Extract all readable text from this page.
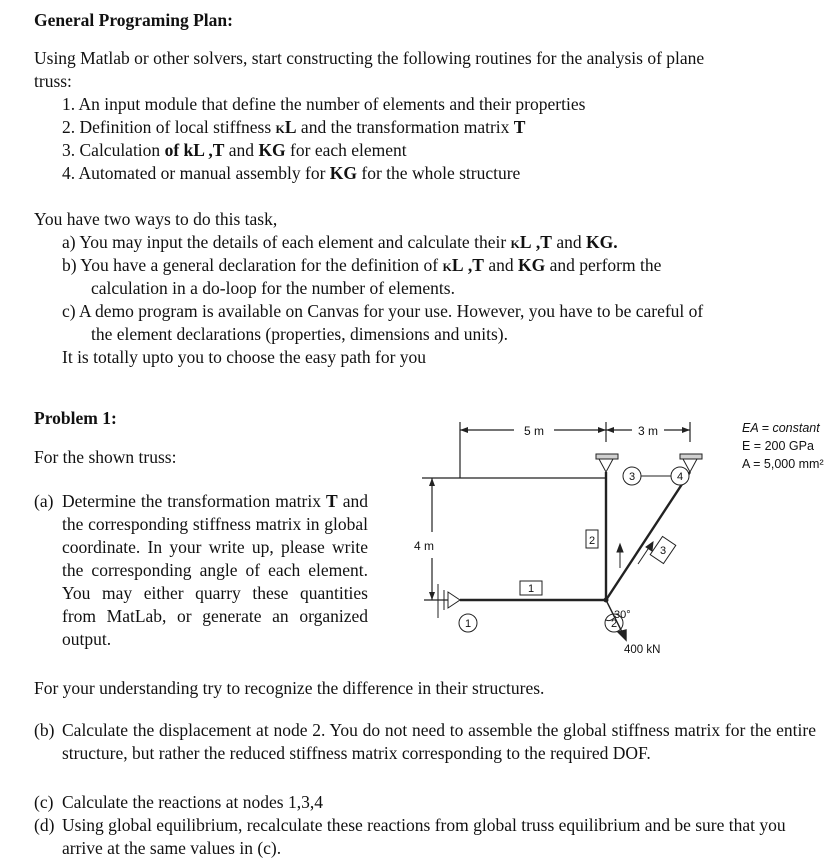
General Programing Plan:
Using Matlab or other solvers, start constructing the following routines for the analysis of plane
truss:
1. An input module that define the number of elements and their properties
2. Definition of local stiffness kL and the transformation matrix T
3. Calculation of kL ,T and KG for each element
4. Automated or manual assembly for KG for the whole structure
You have two ways to do this task,
a) You may input the details of each element and calculate their kL ,T and KG.
b) You have a general declaration for the definition of kL ,T and KG and perform the
calculation in a do-loop for the number of elements.
c) A demo program is available on Canvas for your use. However, you have to be careful of
the element declarations (properties, dimensions and units).
It is totally upto you to choose the easy path for you
Problem 1:
For the shown truss:
(a) Determine the transformation matrix T and the corresponding stiffness matrix in global coordinate. In your write up, please write the corresponding angle of each element. You may either quarry these quantities from MatLab, or generate an organized output.
For your understanding try to recognize the difference in their structures.
(b) Calculate the displacement at node 2. You do not need to assemble the global stiffness matrix for the entire structure, but rather the reduced stiffness matrix corresponding to the required DOF.
(c) Calculate the reactions at nodes 1,3,4
(d) Using global equilibrium, recalculate these reactions from global truss equilibrium and be sure that you arrive at the same values in (c).
5 m	3 m
4 m
EA = constant
E = 200 GPa
A = 5,000 mm²
1
2
3
1	2
3	4
30°
400 kN
